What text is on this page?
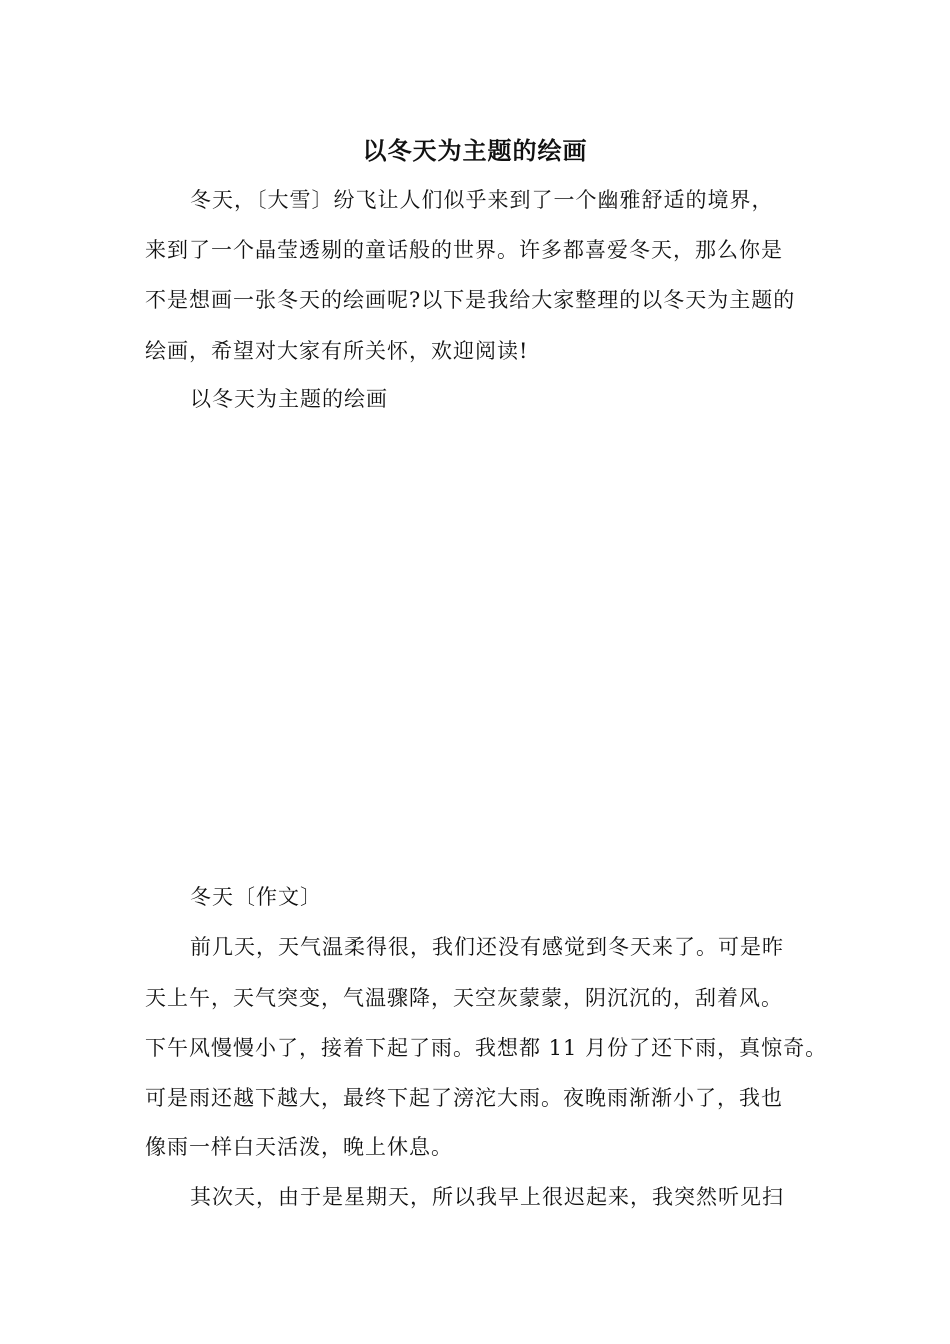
以冬天为主题的绘画
冬天，〔大雪〕纷飞让人们似乎来到了一个幽雅舒适的境界，
来到了一个晶莹透剔的童话般的世界。许多都喜爱冬天，那么你是
不是想画一张冬天的绘画呢?以下是我给大家整理的以冬天为主题的
绘画，希望对大家有所关怀，欢迎阅读!
以冬天为主题的绘画
冬天〔作文〕
前几天，天气温柔得很，我们还没有感觉到冬天来了。可是昨
天上午，天气突变，气温骤降，天空灰蒙蒙，阴沉沉的，刮着风。
下午风慢慢小了，接着下起了雨。我想都 11 月份了还下雨，真惊奇。
可是雨还越下越大，最终下起了滂沱大雨。夜晚雨渐渐小了，我也
像雨一样白天活泼，晚上休息。
其次天，由于是星期天，所以我早上很迟起来，我突然听见扫
